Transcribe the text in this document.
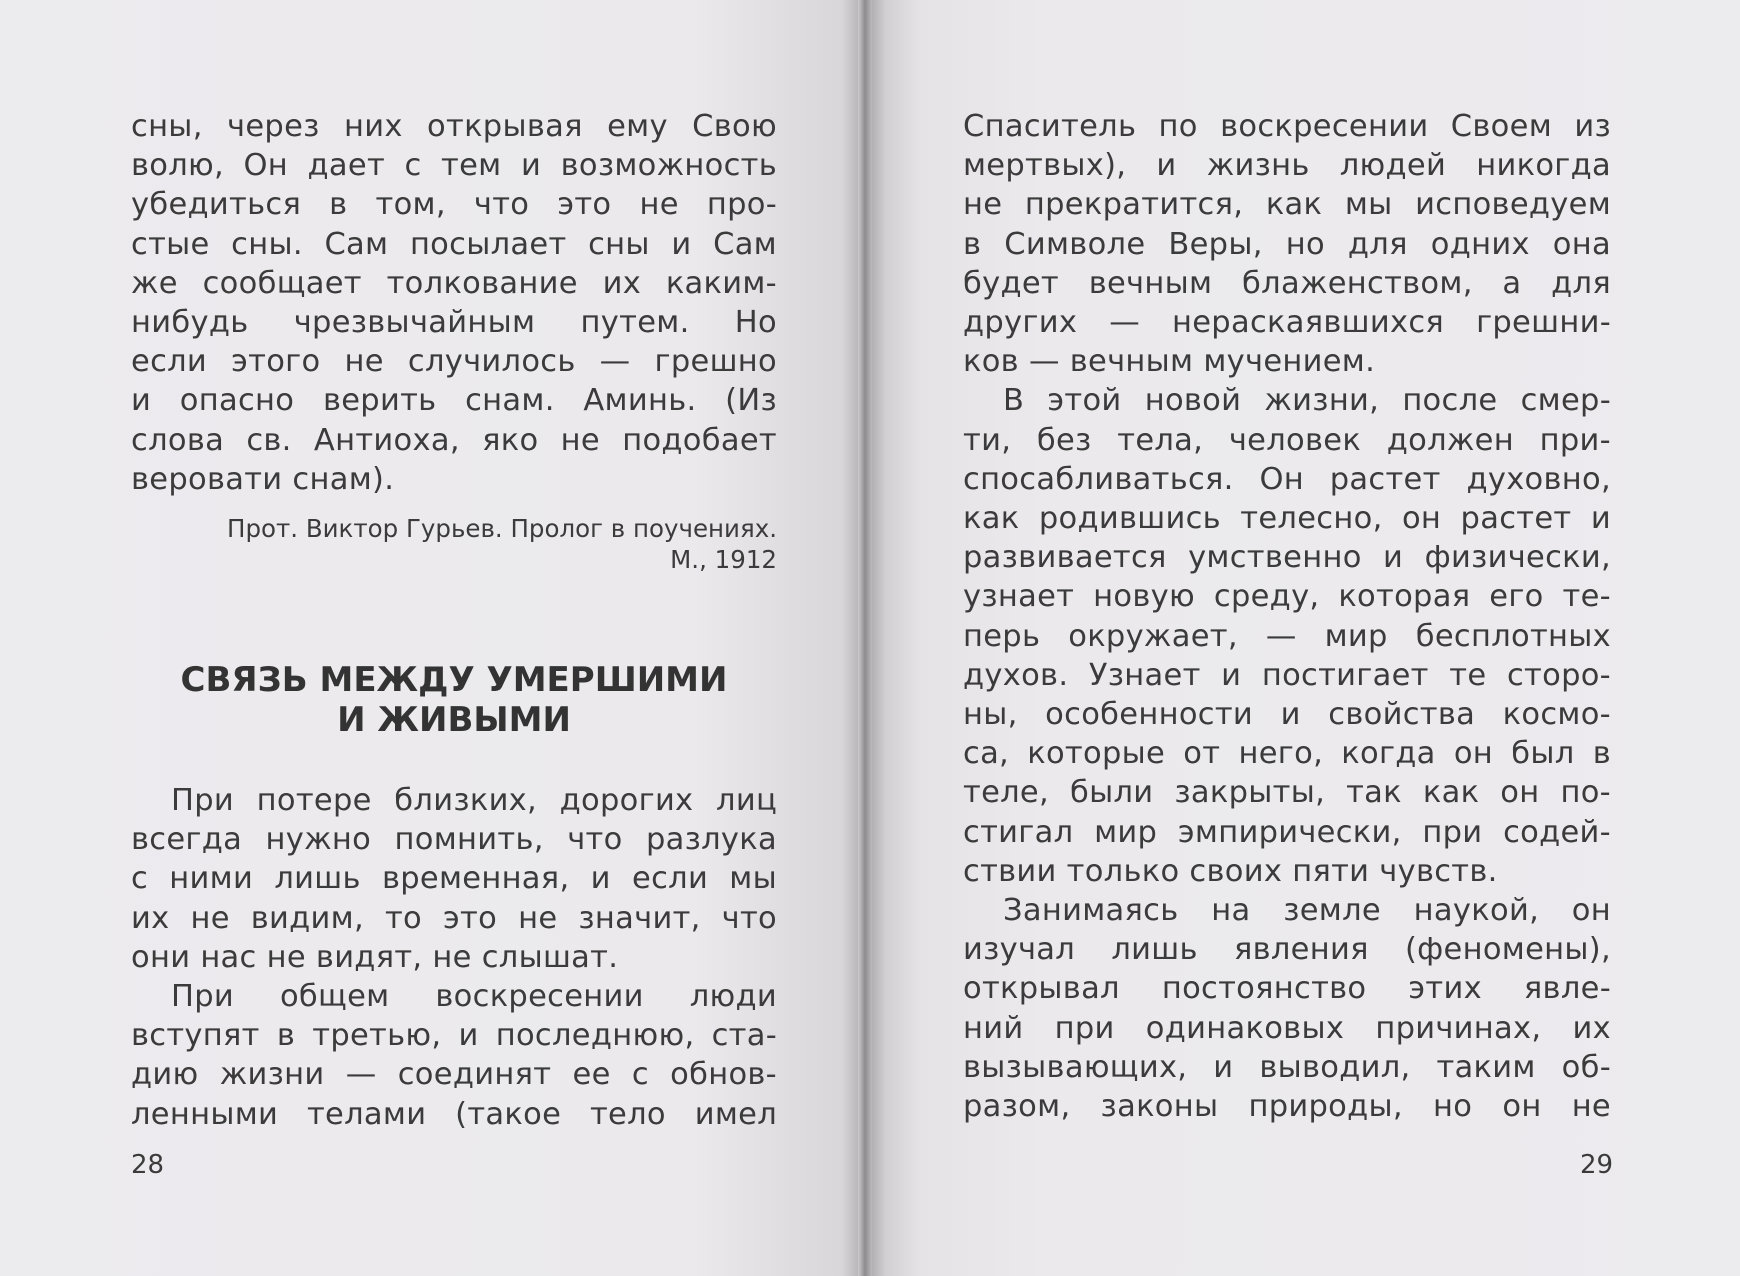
сны, через них открывая ему Свою
волю, Он дает с тем и возможность
убедиться в том, что это не про-
стые сны. Сам посылает сны и Сам
же сообщает толкование их каким-
нибудь чрезвычайным путем. Но
если этого не случилось — грешно
и опасно верить снам. Аминь. (Из
слова св. Антиоха, яко не подобает
веровати снам).
Прот. Виктор Гурьев. Пролог в поучениях.
М., 1912
СВЯЗЬ МЕЖДУ УМЕРШИМИ
И ЖИВЫМИ
При потере близких, дорогих лиц
всегда нужно помнить, что разлука
с ними лишь временная, и если мы
их не видим, то это не значит, что
они нас не видят, не слышат.
При общем воскресении люди
вступят в третью, и последнюю, ста-
дию жизни — соединят ее с обнов-
ленными телами (такое тело имел
28
Спаситель по воскресении Своем из
мертвых), и жизнь людей никогда
не прекратится, как мы исповедуем
в Символе Веры, но для одних она
будет вечным блаженством, а для
других — нераскаявшихся грешни-
ков — вечным мучением.
В этой новой жизни, после смер-
ти, без тела, человек должен при-
спосабливаться. Он растет духовно,
как родившись телесно, он растет и
развивается умственно и физически,
узнает новую среду, которая его те-
перь окружает, — мир бесплотных
духов. Узнает и постигает те сторо-
ны, особенности и свойства космо-
са, которые от него, когда он был в
теле, были закрыты, так как он по-
стигал мир эмпирически, при содей-
ствии только своих пяти чувств.
Занимаясь на земле наукой, он
изучал лишь явления (феномены),
открывал постоянство этих явле-
ний при одинаковых причинах, их
вызывающих, и выводил, таким об-
разом, законы природы, но он не
29
